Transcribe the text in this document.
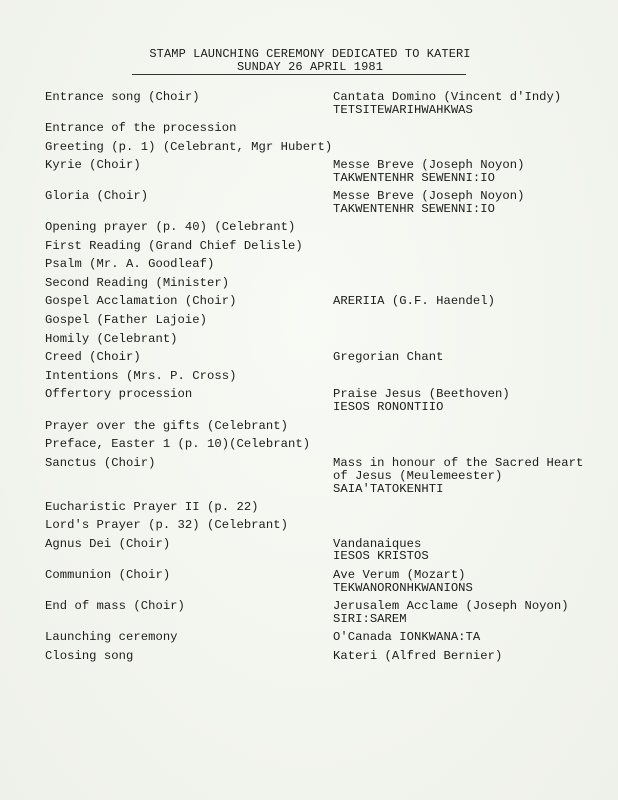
STAMP LAUNCHING CEREMONY DEDICATED TO KATERI
SUNDAY 26 APRIL 1981
Entrance song (Choir)	Cantata Domino (Vincent d'Indy)
TETSITEWARIHWAHKWAS
Entrance of the procession
Greeting (p. 1) (Celebrant, Mgr Hubert)
Kyrie (Choir)	Messe Breve (Joseph Noyon)
TAKWENTENHR SEWENNI:IO
Gloria (Choir)	Messe Breve (Joseph Noyon)
TAKWENTENHR SEWENNI:IO
Opening prayer (p. 40) (Celebrant)
First Reading (Grand Chief Delisle)
Psalm (Mr. A. Goodleaf)
Second Reading (Minister)
Gospel Acclamation (Choir)	ARERIIA (G.F. Haendel)
Gospel (Father Lajoie)
Homily (Celebrant)
Creed (Choir)	Gregorian Chant
Intentions (Mrs. P. Cross)
Offertory procession	Praise Jesus (Beethoven)
IESOS RONONTIIO
Prayer over the gifts (Celebrant)
Preface, Easter 1 (p. 10)(Celebrant)
Sanctus (Choir)	Mass in honour of the Sacred Heart
of Jesus (Meulemeester)
SAIA'TATOKENHTI
Eucharistic Prayer II (p. 22)
Lord's Prayer (p. 32) (Celebrant)
Agnus Dei (Choir)	Vandanaiques
IESOS KRISTOS
Communion (Choir)	Ave Verum (Mozart)
TEKWANORONHKWANIONS
End of mass (Choir)	Jerusalem Acclame (Joseph Noyon)
SIRI:SAREM
Launching ceremony	O'Canada IONKWANA:TA
Closing song	Kateri (Alfred Bernier)
